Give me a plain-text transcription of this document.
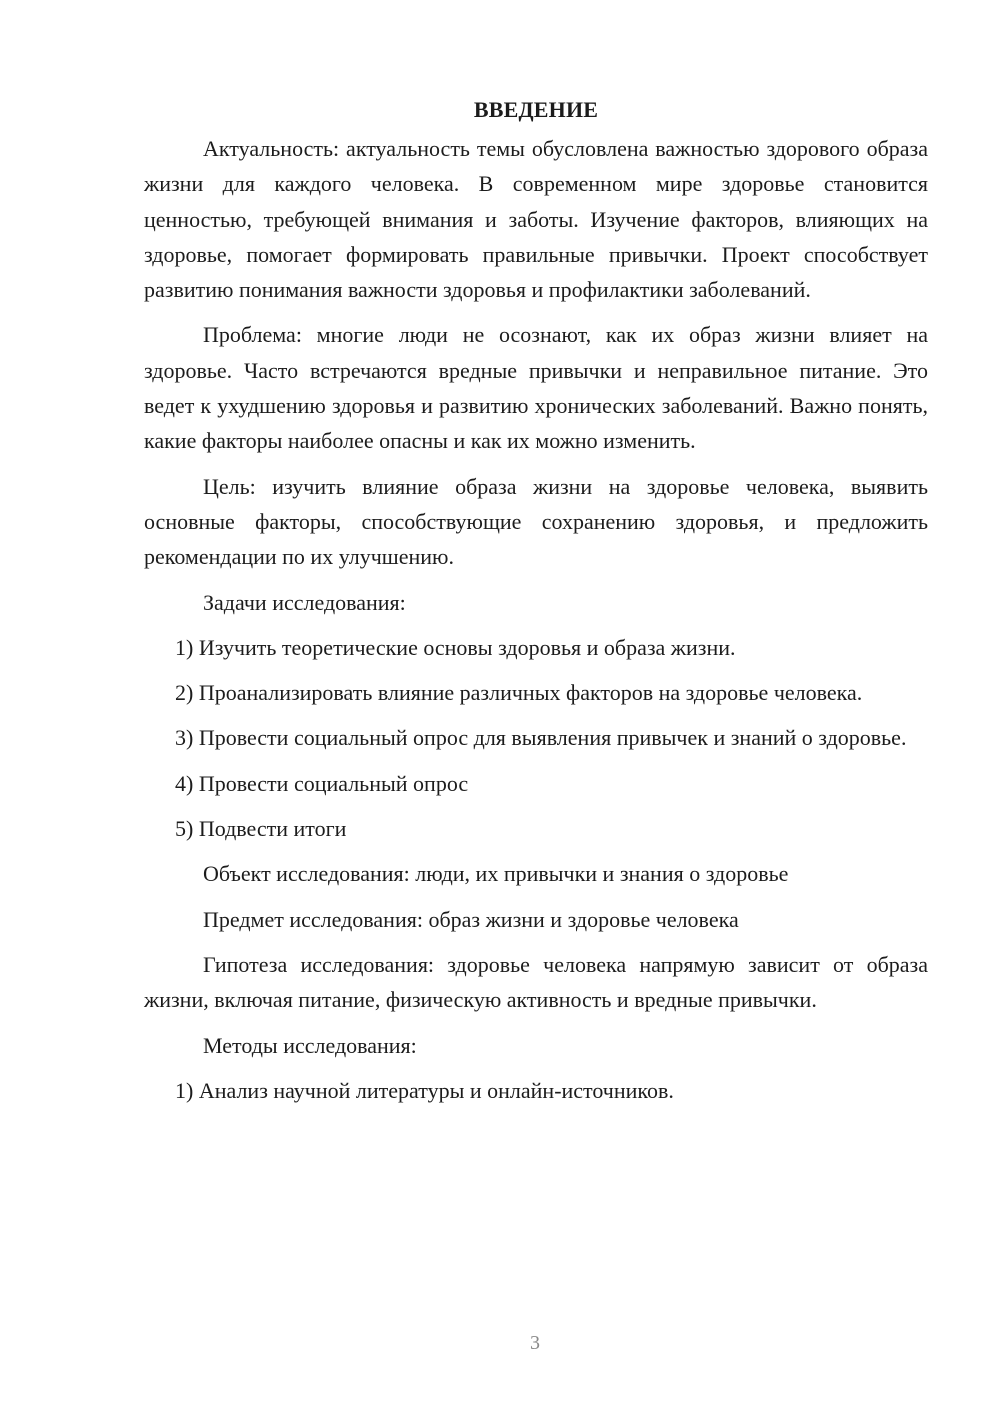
ВВЕДЕНИЕ

Актуальность: актуальность темы обусловлена важностью здорового образа жизни для каждого человека. В современном мире здоровье становится ценностью, требующей внимания и заботы. Изучение факторов, влияющих на здоровье, помогает формировать правильные привычки. Проект способствует развитию понимания важности здоровья и профилактики заболеваний.

Проблема: многие люди не осознают, как их образ жизни влияет на здоровье. Часто встречаются вредные привычки и неправильное питание. Это ведет к ухудшению здоровья и развитию хронических заболеваний. Важно понять, какие факторы наиболее опасны и как их можно изменить.

Цель: изучить влияние образа жизни на здоровье человека, выявить основные факторы, способствующие сохранению здоровья, и предложить рекомендации по их улучшению.

Задачи исследования:

1) Изучить теоретические основы здоровья и образа жизни.

2) Проанализировать влияние различных факторов на здоровье человека.

3) Провести социальный опрос для выявления привычек и знаний о здоровье.

4) Провести социальный опрос

5) Подвести итоги

Объект исследования: люди, их привычки и знания о здоровье

Предмет исследования: образ жизни и здоровье человека

Гипотеза исследования: здоровье человека напрямую зависит от образа жизни, включая питание, физическую активность и вредные привычки.

Методы исследования:

1) Анализ научной литературы и онлайн-источников.

3
